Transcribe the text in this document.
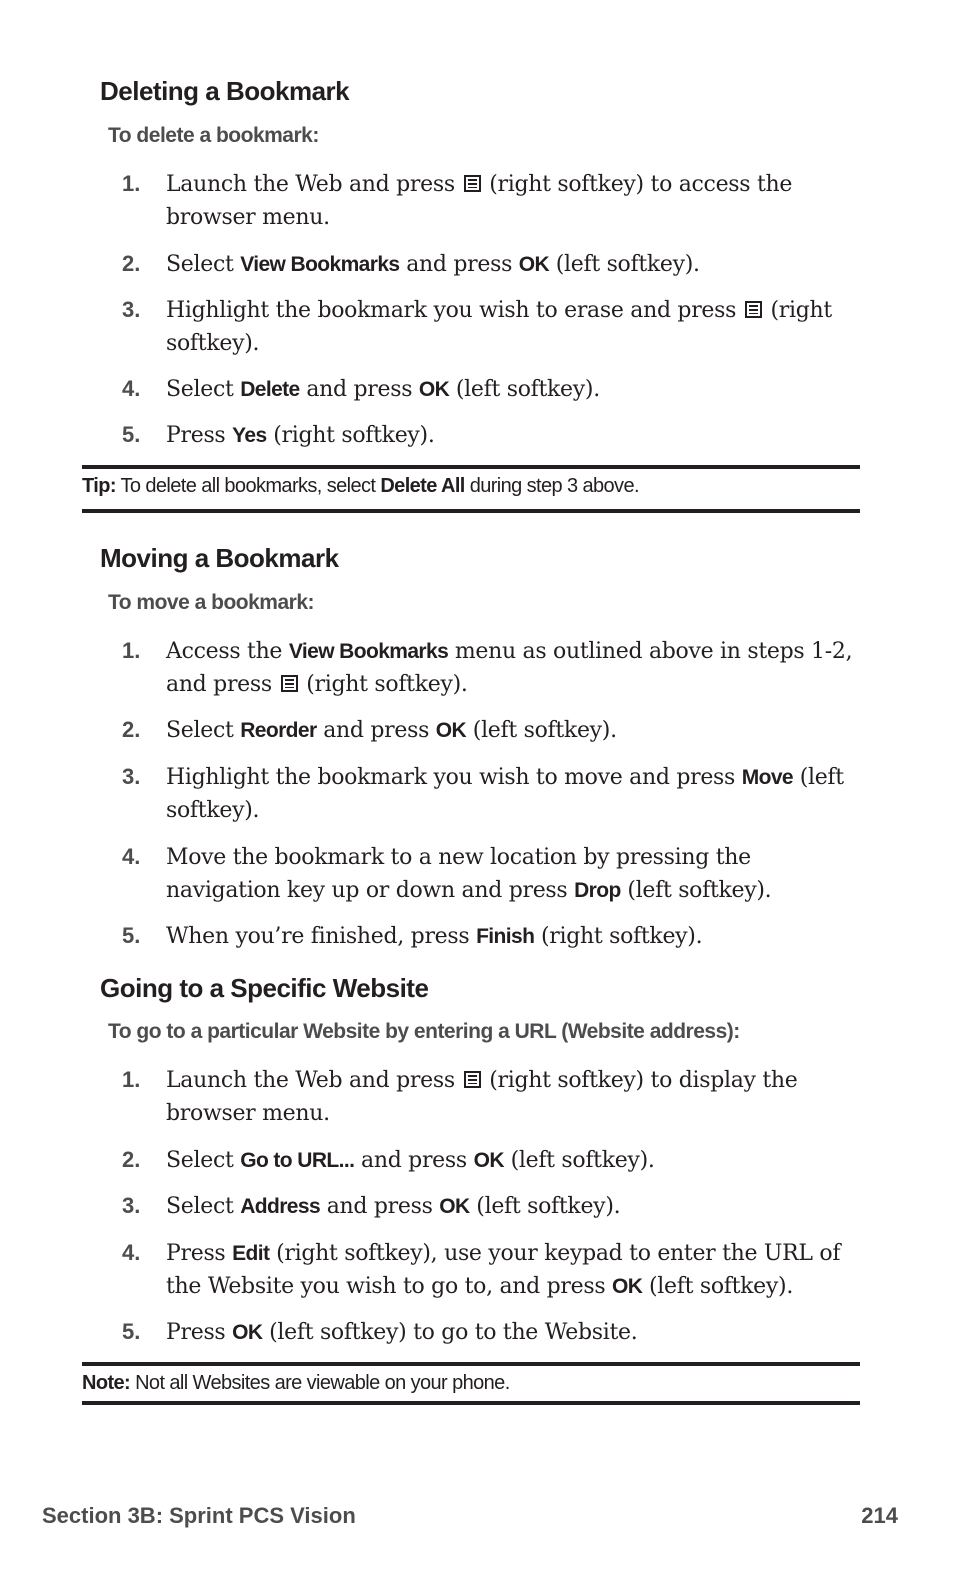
Deleting a Bookmark
To delete a bookmark:
1. Launch the Web and press  (right softkey) to access the browser menu.
2. Select View Bookmarks and press OK (left softkey).
3. Highlight the bookmark you wish to erase and press  (right softkey).
4. Select Delete and press OK (left softkey).
5. Press Yes (right softkey).
Tip: To delete all bookmarks, select Delete All during step 3 above.
Moving a Bookmark
To move a bookmark:
1. Access the View Bookmarks menu as outlined above in steps 1-2, and press  (right softkey).
2. Select Reorder and press OK (left softkey).
3. Highlight the bookmark you wish to move and press Move (left softkey).
4. Move the bookmark to a new location by pressing the navigation key up or down and press Drop (left softkey).
5. When you’re finished, press Finish (right softkey).
Going to a Specific Website
To go to a particular Website by entering a URL (Website address):
1. Launch the Web and press  (right softkey) to display the browser menu.
2. Select Go to URL... and press OK (left softkey).
3. Select Address and press OK (left softkey).
4. Press Edit (right softkey), use your keypad to enter the URL of the Website you wish to go to, and press OK (left softkey).
5. Press OK (left softkey) to go to the Website.
Note: Not all Websites are viewable on your phone.
Section 3B: Sprint PCS Vision	214
